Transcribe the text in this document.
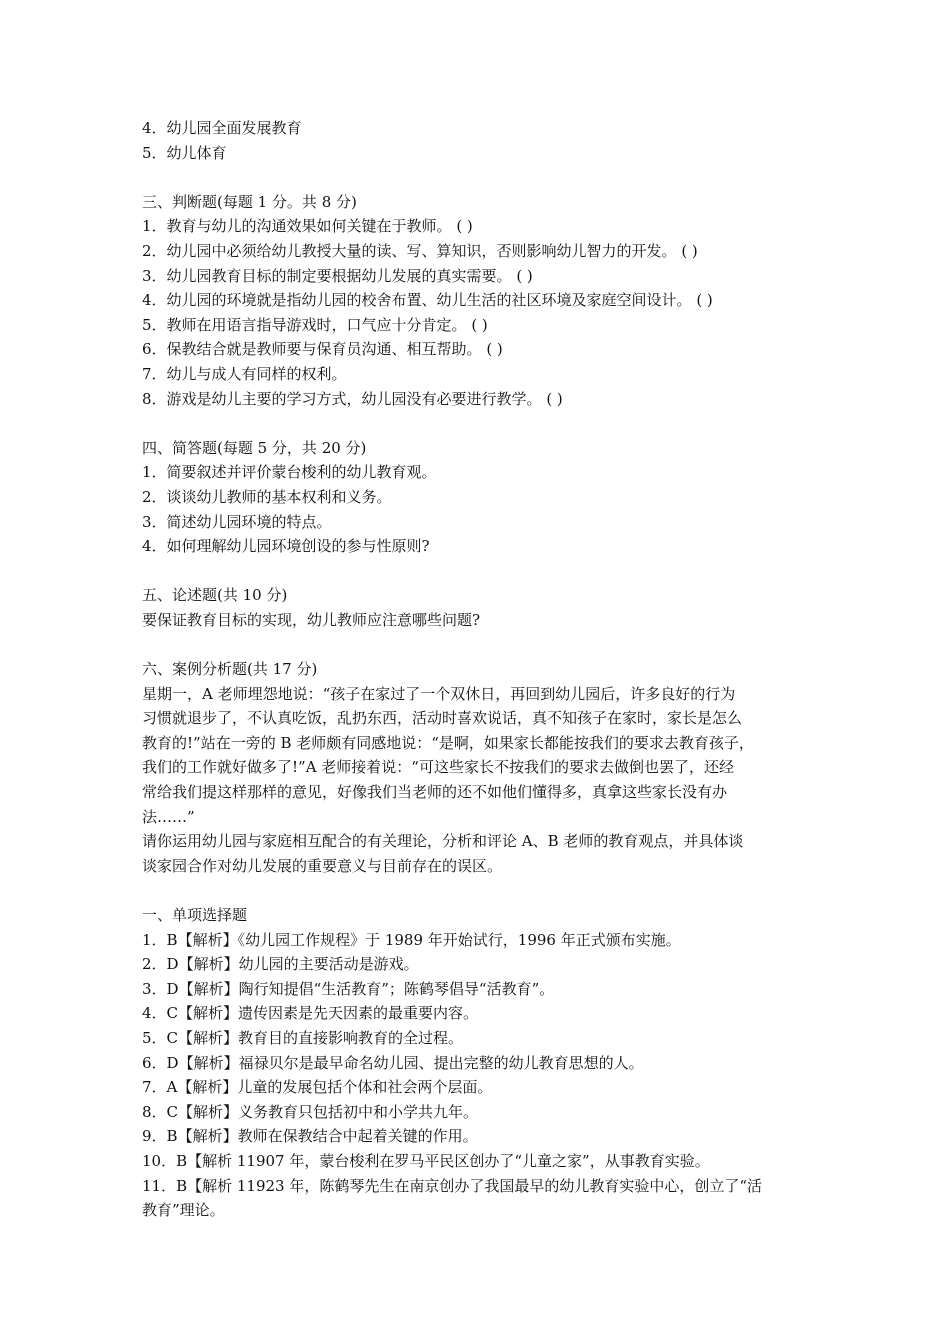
4．幼儿园全面发展教育
5．幼儿体育
三、判断题(每题 1 分。共 8 分)
1．教育与幼儿的沟通效果如何关键在于教师。 ( )
2．幼儿园中必须给幼儿教授大量的读、写、算知识，否则影响幼儿智力的开发。 ( )
3．幼儿园教育目标的制定要根据幼儿发展的真实需要。 ( )
4．幼儿园的环境就是指幼儿园的校舍布置、幼儿生活的社区环境及家庭空间设计。 ( )
5．教师在用语言指导游戏时，口气应十分肯定。 ( )
6．保教结合就是教师要与保育员沟通、相互帮助。 ( )
7．幼儿与成人有同样的权利。
8．游戏是幼儿主要的学习方式，幼儿园没有必要进行教学。 ( )
四、简答题(每题 5 分，共 20 分)
1．简要叙述并评价蒙台梭利的幼儿教育观。
2．谈谈幼儿教师的基本权利和义务。
3．简述幼儿园环境的特点。
4．如何理解幼儿园环境创设的参与性原则?
五、论述题(共 10 分)
要保证教育目标的实现，幼儿教师应注意哪些问题?
六、案例分析题(共 17 分)
星期一，A 老师埋怨地说：“孩子在家过了一个双休日，再回到幼儿园后，许多良好的行为
习惯就退步了，不认真吃饭，乱扔东西，活动时喜欢说话，真不知孩子在家时，家长是怎么
教育的!”站在一旁的 B 老师颇有同感地说：“是啊，如果家长都能按我们的要求去教育孩子，
我们的工作就好做多了!”A 老师接着说：“可这些家长不按我们的要求去做倒也罢了，还经
常给我们提这样那样的意见，好像我们当老师的还不如他们懂得多，真拿这些家长没有办
法……”
请你运用幼儿园与家庭相互配合的有关理论，分析和评论 A、B 老师的教育观点，并具体谈
谈家园合作对幼儿发展的重要意义与目前存在的误区。
一、单项选择题
1．B【解析】《幼儿园工作规程》于 1989 年开始试行，1996 年正式颁布实施。
2．D【解析】幼儿园的主要活动是游戏。
3．D【解析】陶行知提倡“生活教育”；陈鹤琴倡导“活教育”。
4．C【解析】遗传因素是先天因素的最重要内容。
5．C【解析】教育目的直接影响教育的全过程。
6．D【解析】福禄贝尔是最早命名幼儿园、提出完整的幼儿教育思想的人。
7．A【解析】儿童的发展包括个体和社会两个层面。
8．C【解析】义务教育只包括初中和小学共九年。
9．B【解析】教师在保教结合中起着关键的作用。
10．B【解析 11907 年，蒙台梭利在罗马平民区创办了“儿童之家”，从事教育实验。
11．B【解析 11923 年，陈鹤琴先生在南京创办了我国最早的幼儿教育实验中心，创立了“活
教育”理论。
